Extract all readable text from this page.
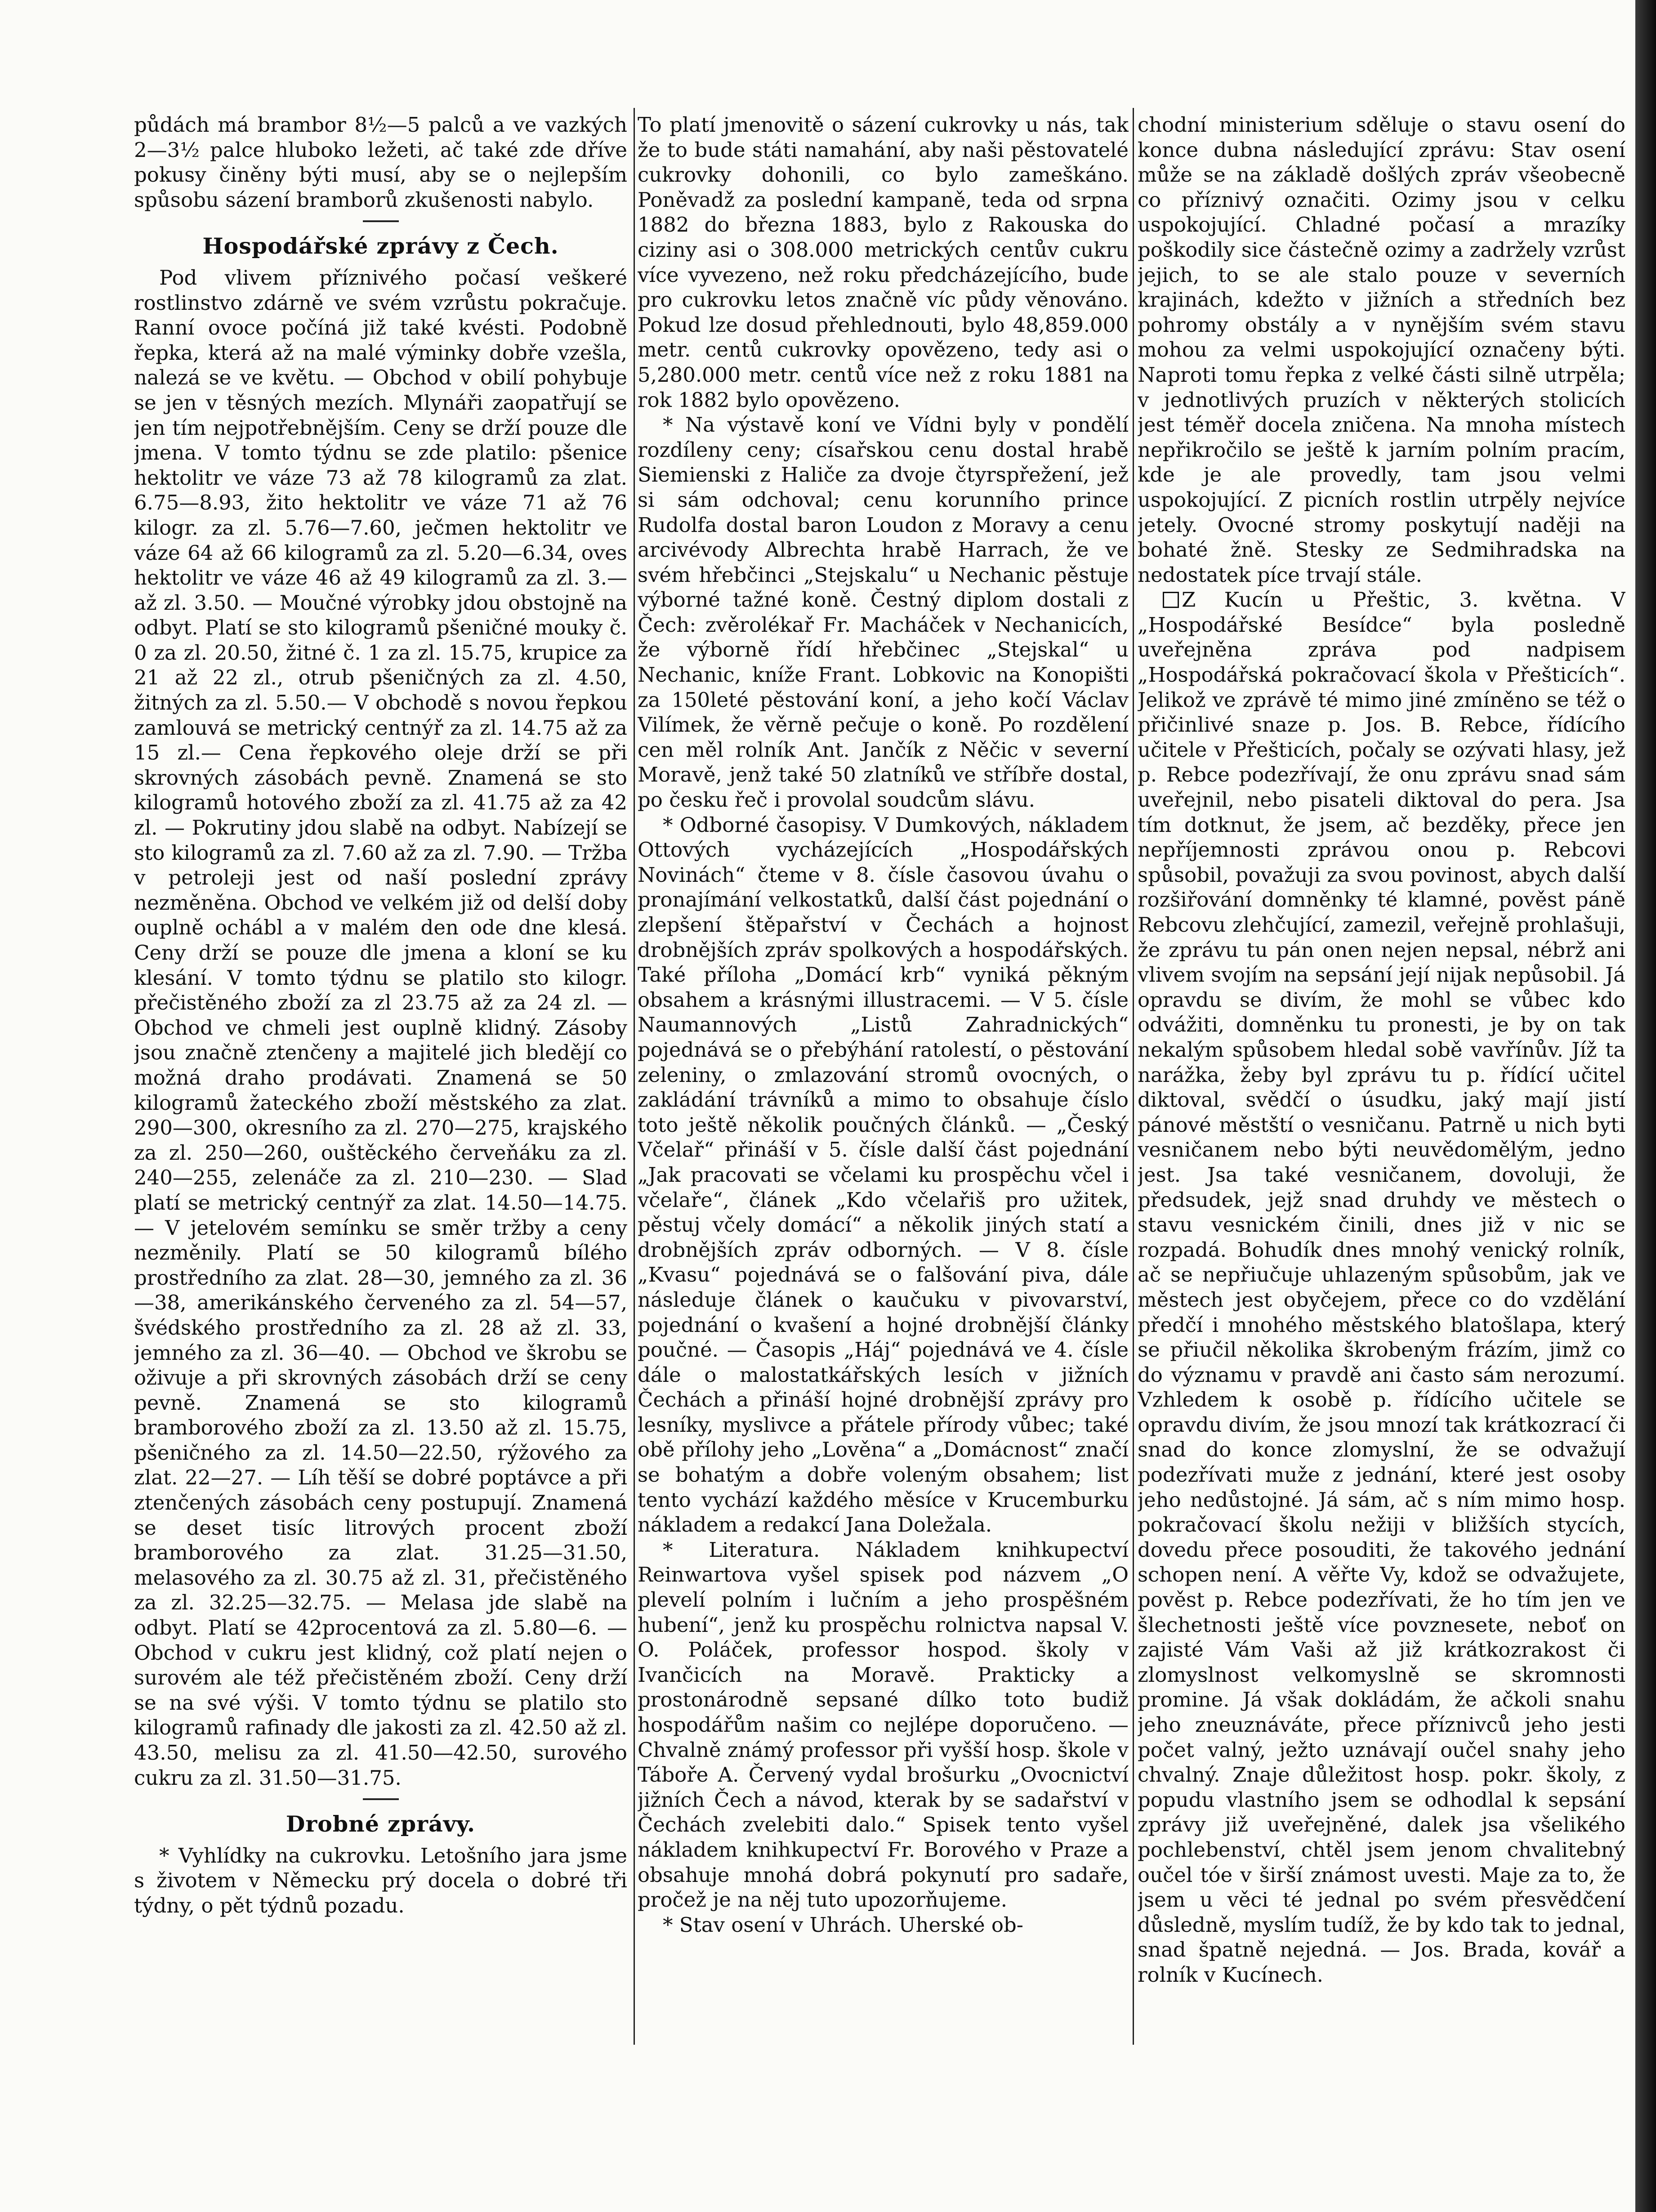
půdách má brambor 8½—5 palců a ve vazkých 2—3½ palce hluboko ležeti, ač také zde dříve pokusy činěny býti musí, aby se o nejlepším spůsobu sázení bramborů zkušenosti nabylo.

Hospodářské zprávy z Čech.

Pod vlivem příznivého počasí veškeré rostlinstvo zdárně ve svém vzrůstu pokračuje. Ranní ovoce počíná již také kvésti. Podobně řepka, která až na malé výminky dobře vzešla, nalezá se ve květu. — Obchod v obilí pohybuje se jen v těsných mezích. Mlynáři zaopatřují se jen tím nejpotřebnějším. Ceny se drží pouze dle jmena. V tomto týdnu se zde platilo: pšenice hektolitr ve váze 73 až 78 kilogramů za zlat. 6.75—8.93, žito hektolitr ve váze 71 až 76 kilogr. za zl. 5.76—7.60, ječmen hektolitr ve váze 64 až 66 kilogramů za zl. 5.20—6.34, oves hektolitr ve váze 46 až 49 kilogramů za zl. 3.— až zl. 3.50. — Moučné výrobky jdou obstojně na odbyt. Platí se sto kilogramů pšeničné mouky č. 0 za zl. 20.50, žitné č. 1 za zl. 15.75, krupice za 21 až 22 zl., otrub pšeničných za zl. 4.50, žitných za zl. 5.50.— V obchodě s novou řepkou zamlouvá se metrický centnýř za zl. 14.75 až za 15 zl.— Cena řepkového oleje drží se při skrovných zásobách pevně. Znamená se sto kilogramů hotového zboží za zl. 41.75 až za 42 zl. — Pokrutiny jdou slabě na odbyt. Nabízejí se sto kilogramů za zl. 7.60 až za zl. 7.90. — Tržba v petroleji jest od naší poslední zprávy nezměněna. Obchod ve velkém již od delší doby ouplně ochábl a v malém den ode dne klesá. Ceny drží se pouze dle jmena a kloní se ku klesání. V tomto týdnu se platilo sto kilogr. přečistěného zboží za zl 23.75 až za 24 zl. — Obchod ve chmeli jest ouplně klidný. Zásoby jsou značně ztenčeny a majitelé jich bledějí co možná draho prodávati. Znamená se 50 kilogramů žateckého zboží městského za zlat. 290—300, okresního za zl. 270—275, krajského za zl. 250—260, ouštěckého červeňáku za zl. 240—255, zelenáče za zl. 210—230. — Slad platí se metrický centnýř za zlat. 14.50—14.75. — V jetelovém semínku se směr tržby a ceny nezměnily. Platí se 50 kilogramů bílého prostředního za zlat. 28—30, jemného za zl. 36—38, amerikánského červeného za zl. 54—57, švédského prostředního za zl. 28 až zl. 33, jemného za zl. 36—40. — Obchod ve škrobu se oživuje a při skrovných zásobách drží se ceny pevně. Znamená se sto kilogramů bramborového zboží za zl. 13.50 až zl. 15.75, pšeničného za zl. 14.50—22.50, rýžového za zlat. 22—27. — Líh těší se dobré poptávce a při ztenčených zásobách ceny postupují. Znamená se deset tisíc litrových procent zboží bramborového za zlat. 31.25—31.50, melasového za zl. 30.75 až zl. 31, přečistěného za zl. 32.25—32.75. — Melasa jde slabě na odbyt. Platí se 42procentová za zl. 5.80—6. — Obchod v cukru jest klidný, což platí nejen o surovém ale též přečistěném zboží. Ceny drží se na své výši. V tomto týdnu se platilo sto kilogramů rafinady dle jakosti za zl. 42.50 až zl. 43.50, melisu za zl. 41.50—42.50, surového cukru za zl. 31.50—31.75.

Drobné zprávy.

* Vyhlídky na cukrovku. Letošního jara jsme s životem v Německu prý docela o dobré tři týdny, o pět týdnů pozadu.

To platí jmenovitě o sázení cukrovky u nás, tak že to bude státi namahání, aby naši pěstovatelé cukrovky dohonili, co bylo zameškáno. Poněvadž za poslední kampaně, teda od srpna 1882 do března 1883, bylo z Rakouska do ciziny asi o 308.000 metrických centův cukru více vyvezeno, než roku předcházejícího, bude pro cukrovku letos značně víc půdy věnováno. Pokud lze dosud přehlednouti, bylo 48,859.000 metr. centů cukrovky opovězeno, tedy asi o 5,280.000 metr. centů více než z roku 1881 na rok 1882 bylo opovězeno.

* Na výstavě koní ve Vídni byly v pondělí rozdíleny ceny; císařskou cenu dostal hrabě Siemienski z Haliče za dvoje čtyrspřežení, jež si sám odchoval; cenu korunního prince Rudolfa dostal baron Loudon z Moravy a cenu arcivévody Albrechta hrabě Harrach, že ve svém hřebčinci „Stejskalu“ u Nechanic pěstuje výborné tažné koně. Čestný diplom dostali z Čech: zvěrolékař Fr. Macháček v Nechanicích, že výborně řídí hřebčinec „Stejskal“ u Nechanic, kníže Frant. Lobkovic na Konopišti za 150leté pěstování koní, a jeho kočí Václav Vilímek, že věrně pečuje o koně. Po rozdělení cen měl rolník Ant. Jančík z Něčic v severní Moravě, jenž také 50 zlatníků ve stříbře dostal, po česku řeč i provolal soudcům slávu.

* Odborné časopisy. V Dumkových, nákladem Ottových vycházejících „Hospodářských Novinách“ čteme v 8. čísle časovou úvahu o pronajímání velkostatků, další část pojednání o zlepšení štěpařství v Čechách a hojnost drobnějších zpráv spolkových a hospodářských. Také příloha „Domácí krb“ vyniká pěkným obsahem a krásnými illustracemi. — V 5. čísle Naumannových „Listů Zahradnických“ pojednává se o přebýhání ratolestí, o pěstování zeleniny, o zmlazování stromů ovocných, o zakládání trávníků a mimo to obsahuje číslo toto ještě několik poučných článků. — „Český Včelař“ přináší v 5. čísle další část pojednání „Jak pracovati se včelami ku prospěchu včel i včelaře“, článek „Kdo včelařiš pro užitek, pěstuj včely domácí“ a několik jiných statí a drobnějších zpráv odborných. — V 8. čísle „Kvasu“ pojednává se o falšování piva, dále následuje článek o kaučuku v pivovarství, pojednání o kvašení a hojné drobnější články poučné. — Časopis „Háj“ pojednává ve 4. čísle dále o malostatkářských lesích v jižních Čechách a přináší hojné drobnější zprávy pro lesníky, myslivce a přátele přírody vůbec; také obě přílohy jeho „Lověna“ a „Domácnost“ značí se bohatým a dobře voleným obsahem; list tento vychází každého měsíce v Krucemburku nákladem a redakcí Jana Doležala.

* Literatura. Nákladem knihkupectví Reinwartova vyšel spisek pod názvem „O plevelí polním i lučním a jeho prospěšném hubení“, jenž ku prospěchu rolnictva napsal V. O. Poláček, professor hospod. školy v Ivančicích na Moravě. Prakticky a prostonárodně sepsané dílko toto budiž hospodářům našim co nejlépe doporučeno. — Chvalně známý professor při vyšší hosp. škole v Táboře A. Červený vydal brošurku „Ovocnictví jižních Čech a návod, kterak by se sadařství v Čechách zvelebiti dalo.“ Spisek tento vyšel nákladem knihkupectví Fr. Borového v Praze a obsahuje mnohá dobrá pokynutí pro sadaře, pročež je na něj tuto upozorňujeme.

* Stav osení v Uhrách. Uherské ob-

chodní ministerium sděluje o stavu osení do konce dubna následující zprávu: Stav osení může se na základě došlých zpráv všeobecně co příznivý označiti. Ozimy jsou v celku uspokojující. Chladné počasí a mrazíky poškodily sice částečně ozimy a zadržely vzrůst jejich, to se ale stalo pouze v severních krajinách, kdežto v jižních a středních bez pohromy obstály a v nynějším svém stavu mohou za velmi uspokojující označeny býti. Naproti tomu řepka z velké části silně utrpěla; v jednotlivých pruzích v některých stolicích jest téměř docela zničena. Na mnoha místech nepřikročilo se ještě k jarním polním pracím, kde je ale provedly, tam jsou velmi uspokojující. Z picních rostlin utrpěly nejvíce jetely. Ovocné stromy poskytují naději na bohaté žně. Stesky ze Sedmihradska na nedostatek píce trvají stále.

Z Kucín u Přeštic, 3. května. V „Hospodářské Besídce“ byla posledně uveřejněna zpráva pod nadpisem „Hospodářská pokračovací škola v Přešticích“. Jelikož ve zprávě té mimo jiné zmíněno se též o přičinlivé snaze p. Jos. B. Rebce, řídícího učitele v Přešticích, počaly se ozývati hlasy, jež p. Rebce podezřívají, že onu zprávu snad sám uveřejnil, nebo pisateli diktoval do pera. Jsa tím dotknut, že jsem, ač bezděky, přece jen nepříjemnosti zprávou onou p. Rebcovi spůsobil, považuji za svou povinost, abych další rozšiřování domněnky té klamné, pověst páně Rebcovu zlehčující, zamezil, veřejně prohlašuji, že zprávu tu pán onen nejen nepsal, nébrž ani vlivem svojím na sepsání její nijak nepůsobil. Já opravdu se divím, že mohl se vůbec kdo odvážiti, domněnku tu pronesti, je by on tak nekalým spůsobem hledal sobě vavřínův. Jíž ta narážka, žeby byl zprávu tu p. řídící učitel diktoval, svědčí o úsudku, jaký mají jistí pánové městští o vesničanu. Patrně u nich byti vesničanem nebo býti neuvědomělým, jedno jest. Jsa také vesničanem, dovoluji, že předsudek, jejž snad druhdy ve městech o stavu vesnickém činili, dnes již v nic se rozpadá. Bohudík dnes mnohý venický rolník, ač se nepřiučuje uhlazeným spůsobům, jak ve městech jest obyčejem, přece co do vzdělání předčí i mnohého městského blatošlapa, který se přiučil několika škrobeným frázím, jimž co do významu v pravdě ani často sám nerozumí. Vzhledem k osobě p. řídícího učitele se opravdu divím, že jsou mnozí tak krátkozrací či snad do konce zlomyslní, že se odvažují podezřívati muže z jednání, které jest osoby jeho nedůstojné. Já sám, ač s ním mimo hosp. pokračovací školu nežiji v bližších stycích, dovedu přece posouditi, že takového jednání schopen není. A věřte Vy, kdož se odvažujete, pověst p. Rebce podezřívati, že ho tím jen ve šlechetnosti ještě více povznesete, neboť on zajisté Vám Vaši až již krátkozrakost či zlomyslnost velkomyslně se skromnosti promine. Já však dokládám, že ačkoli snahu jeho zneuznáváte, přece příznivců jeho jesti počet valný, ježto uznávají oučel snahy jeho chvalný. Znaje důležitost hosp. pokr. školy, z popudu vlastního jsem se odhodlal k sepsání zprávy již uveřejněné, dalek jsa všelikého pochlebenství, chtěl jsem jenom chvalitebný oučel tóe v širší známost uvesti. Maje za to, že jsem u věci té jednal po svém přesvědčení důsledně, myslím tudíž, že by kdo tak to jednal, snad špatně nejedná. — Jos. Brada, kovář a rolník v Kucínech.
